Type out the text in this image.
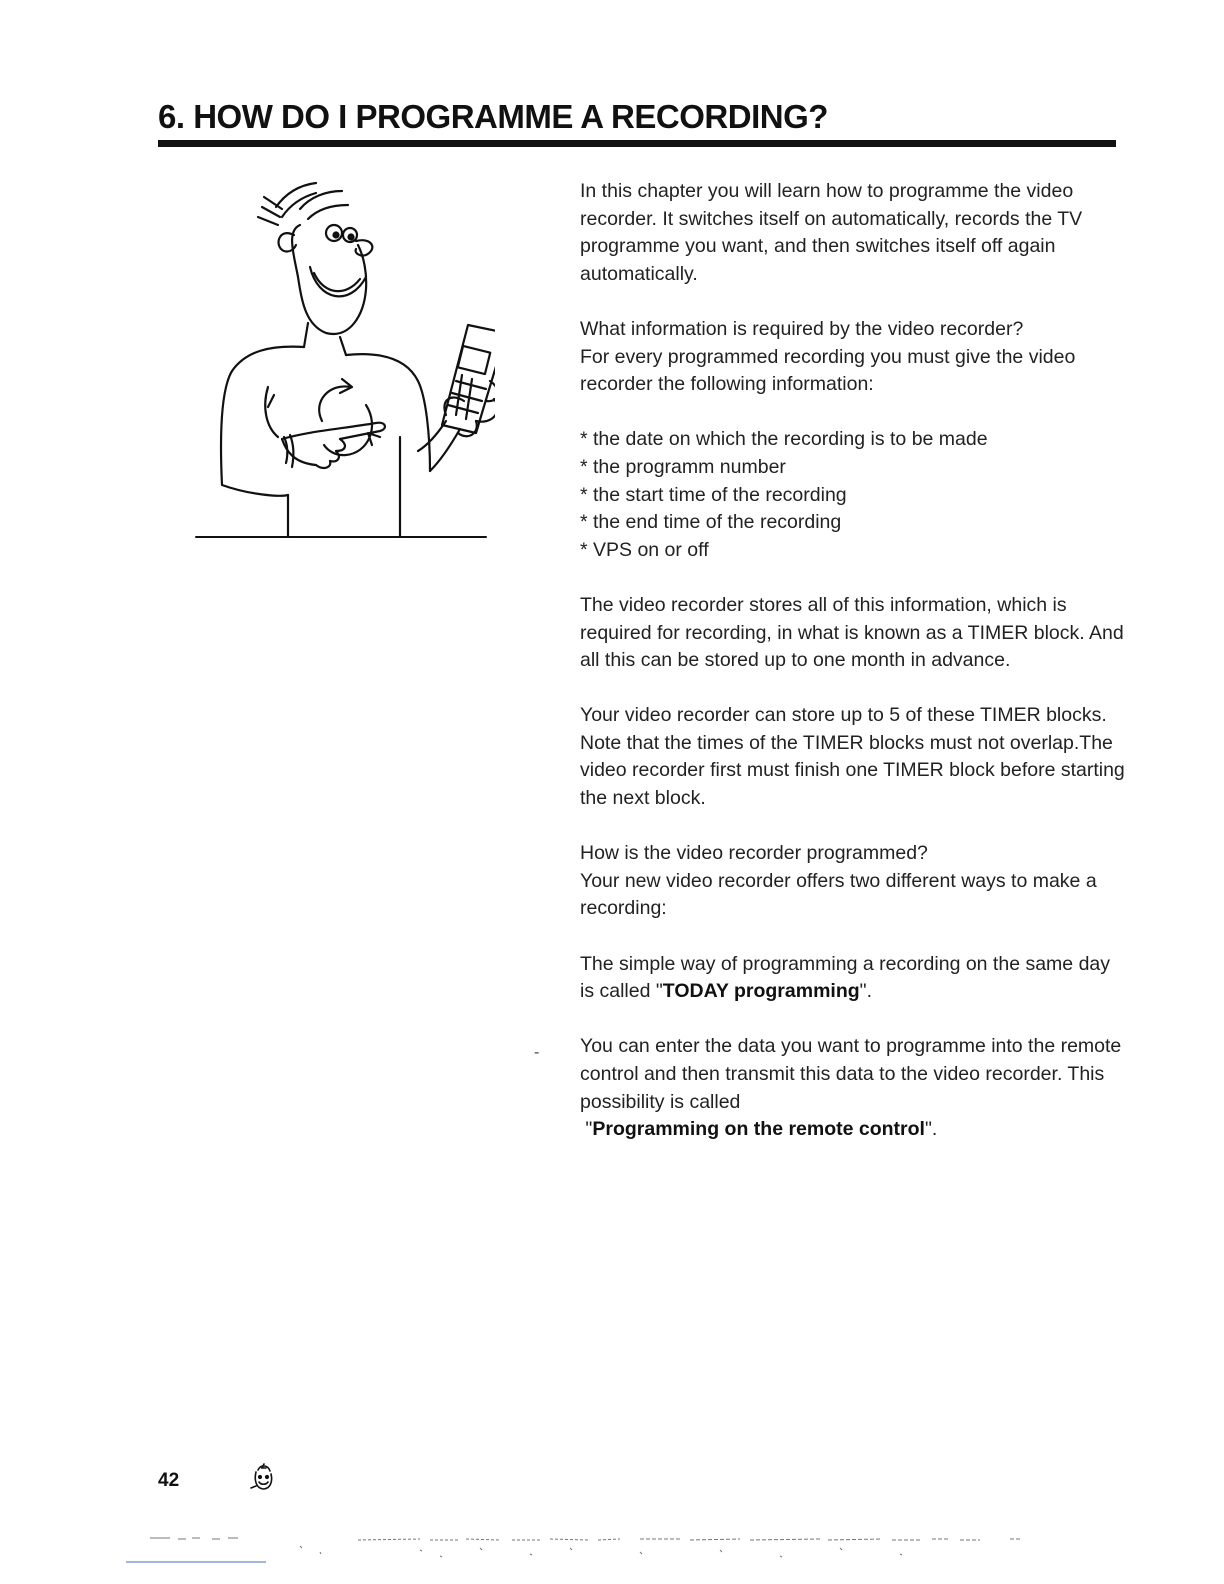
6. HOW DO I PROGRAMME A RECORDING?

In this chapter you will learn how to programme the video recorder. It switches itself on automatically, records the TV programme you want, and then switches itself off again automatically.

What information is required by the video recorder?
For every programmed recording you must give the video recorder the following information:

* the date on which the recording is to be made
* the programm number
* the start time of the recording
* the end time of the recording
* VPS on or off

The video recorder stores all of this information, which is required for recording, in what is known as a TIMER block. And all this can be stored up to one month in advance.

Your video recorder can store up to 5 of these TIMER blocks. Note that the times of the TIMER blocks must not overlap.The video recorder first must finish one TIMER block before starting the next block.

How is the video recorder programmed?
Your new video recorder offers two different ways to make a recording:

The simple way of programming a recording on the same day is called "TODAY programming".

You can enter the data you want to programme into the remote control and then transmit this data to the video recorder. This possibility is called
"Programming on the remote control".

-
42
